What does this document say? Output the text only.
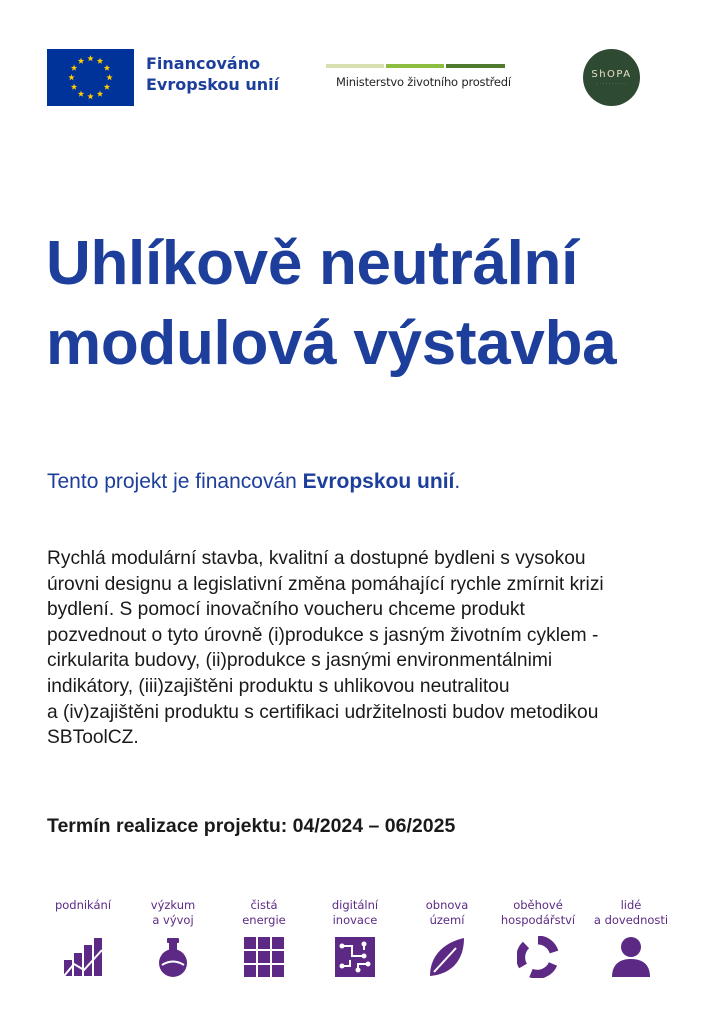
Financováno
Evropskou unií	Ministerstvo životního prostředí
ShOPA
· · · · · · · · · ·
Uhlíkově neutrální
modulová výstavba
Tento projekt je financován Evropskou unií.
Rychlá modulární stavba, kvalitní a dostupné bydleni s vysokou
úrovni designu a legislativní změna pomáhající rychle zmírnit krizi
bydlení. S pomocí inovačního voucheru chceme produkt
pozvednout o tyto úrovně (i)produkce s jasným životním cyklem -
cirkularita budovy, (ii)produkce s jasnými environmentálnimi
indikátory, (iii)zajištěni produktu s uhlikovou neutralitou
a (iv)zajištěni produktu s certifikaci udržitelnosti budov metodikou
SBToolCZ.
Termín realizace projektu: 04/2024 – 06/2025
podnikání	výzkum
a vývoj
čistá
energie
digitální
inovace
obnova
území
oběhové
hospodářství
lidé
a dovednosti
